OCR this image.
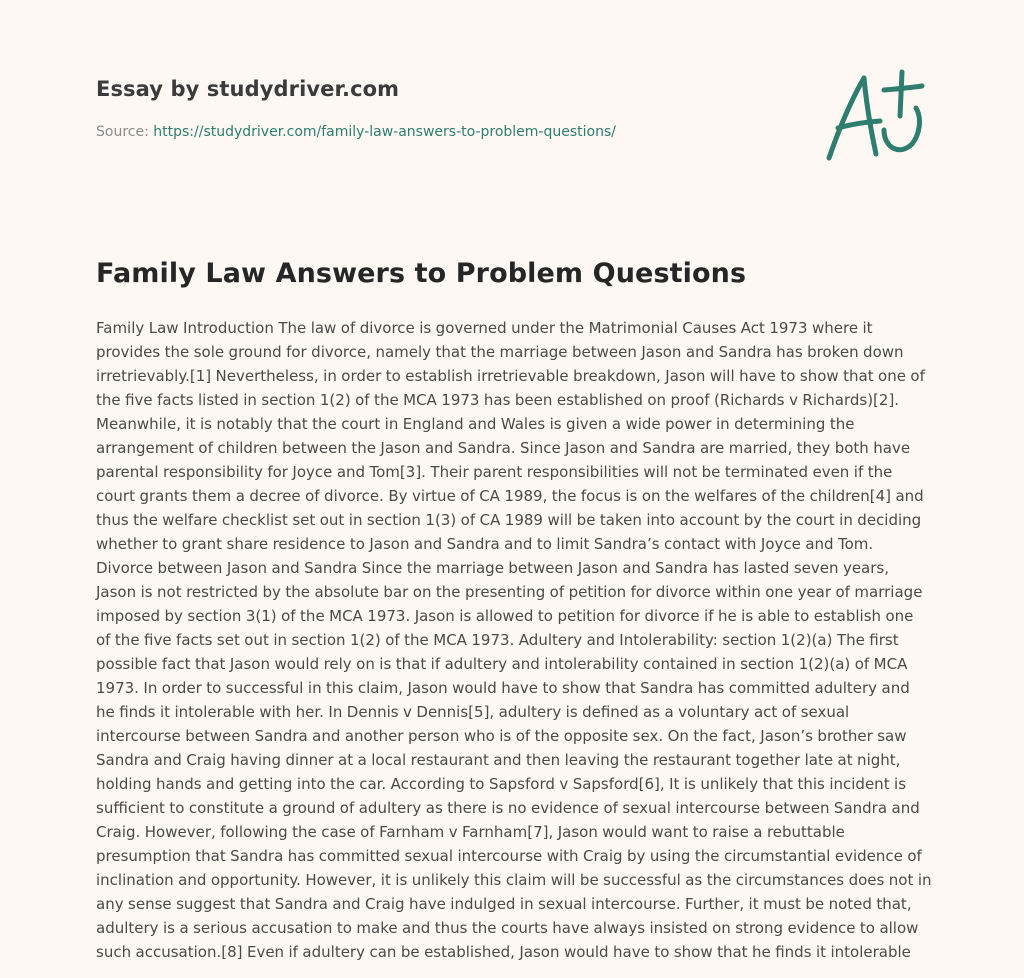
Essay by studydriver.com

Source: https://studydriver.com/family-law-answers-to-problem-questions/

Family Law Answers to Problem Questions

Family Law Introduction The law of divorce is governed under the Matrimonial Causes Act 1973 where it provides the sole ground for divorce, namely that the marriage between Jason and Sandra has broken down irretrievably.[1] Nevertheless, in order to establish irretrievable breakdown, Jason will have to show that one of the five facts listed in section 1(2) of the MCA 1973 has been established on proof (Richards v Richards)[2]. Meanwhile, it is notably that the court in England and Wales is given a wide power in determining the arrangement of children between the Jason and Sandra. Since Jason and Sandra are married, they both have parental responsibility for Joyce and Tom[3]. Their parent responsibilities will not be terminated even if the court grants them a decree of divorce. By virtue of CA 1989, the focus is on the welfares of the children[4] and thus the welfare checklist set out in section 1(3) of CA 1989 will be taken into account by the court in deciding whether to grant share residence to Jason and Sandra and to limit Sandra’s contact with Joyce and Tom. Divorce between Jason and Sandra Since the marriage between Jason and Sandra has lasted seven years, Jason is not restricted by the absolute bar on the presenting of petition for divorce within one year of marriage imposed by section 3(1) of the MCA 1973. Jason is allowed to petition for divorce if he is able to establish one of the five facts set out in section 1(2) of the MCA 1973. Adultery and Intolerability: section 1(2)(a) The first possible fact that Jason would rely on is that if adultery and intolerability contained in section 1(2)(a) of MCA 1973. In order to successful in this claim, Jason would have to show that Sandra has committed adultery and he finds it intolerable with her. In Dennis v Dennis[5], adultery is defined as a voluntary act of sexual intercourse between Sandra and another person who is of the opposite sex. On the fact, Jason’s brother saw Sandra and Craig having dinner at a local restaurant and then leaving the restaurant together late at night, holding hands and getting into the car. According to Sapsford v Sapsford[6], It is unlikely that this incident is sufficient to constitute a ground of adultery as there is no evidence of sexual intercourse between Sandra and Craig. However, following the case of Farnham v Farnham[7], Jason would want to raise a rebuttable presumption that Sandra has committed sexual intercourse with Craig by using the circumstantial evidence of inclination and opportunity. However, it is unlikely this claim will be successful as the circumstances does not in any sense suggest that Sandra and Craig have indulged in sexual intercourse. Further, it must be noted that, adultery is a serious accusation to make and thus the courts have always insisted on strong evidence to allow such accusation.[8] Even if adultery can be established, Jason would have to show that he finds it intolerable
